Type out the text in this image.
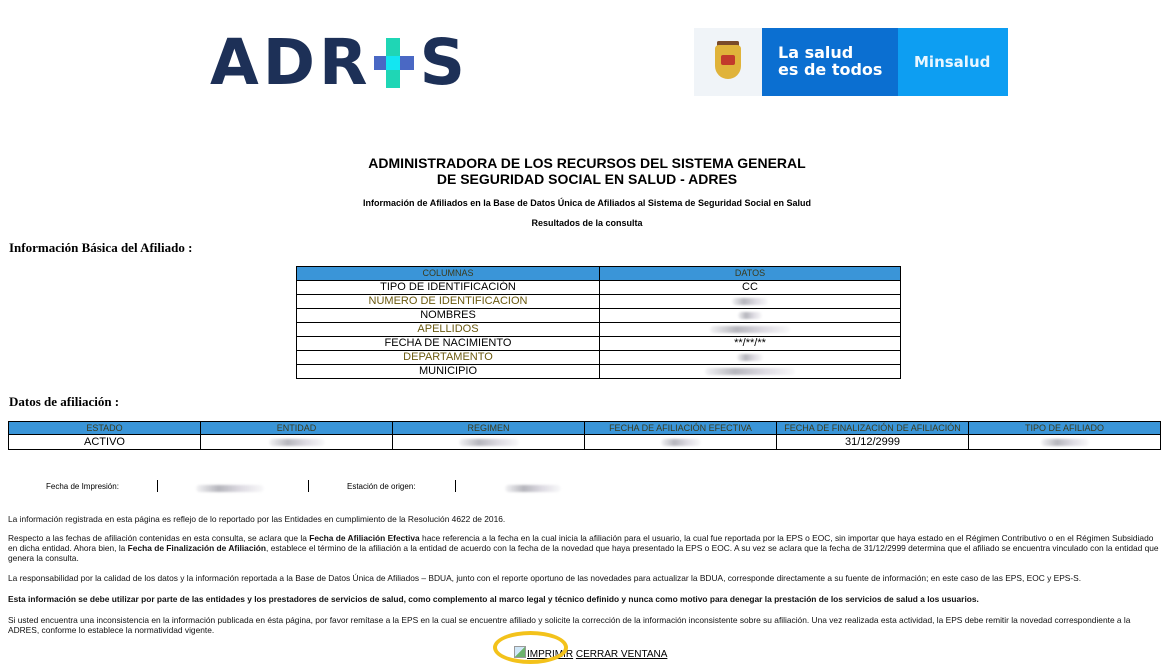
ADR S	La salud
es de todos	Minsalud
ADMINISTRADORA DE LOS RECURSOS DEL SISTEMA GENERAL
DE SEGURIDAD SOCIAL EN SALUD - ADRES
Información de Afiliados en la Base de Datos Única de Afiliados al Sistema de Seguridad Social en Salud
Resultados de la consulta
Información Básica del Afiliado :
COLUMNAS	DATOS
TIPO DE IDENTIFICACIÓN	CC
NÚMERO DE IDENTIFICACION	
NOMBRES	
APELLIDOS	
FECHA DE NACIMIENTO	**/**/**
DEPARTAMENTO	
MUNICIPIO	
Datos de afiliación :
ESTADO	ENTIDAD	REGIMEN	FECHA DE AFILIACIÓN EFECTIVA	FECHA DE FINALIZACIÓN DE AFILIACIÓN	TIPO DE AFILIADO
ACTIVO				31/12/2999	
Fecha de Impresión:	Estación de origen:

La información registrada en esta página es reflejo de lo reportado por las Entidades en cumplimiento de la Resolución 4622 de 2016.

Respecto a las fechas de afiliación contenidas en esta consulta, se aclara que la Fecha de Afiliación Efectiva hace referencia a la fecha en la cual inicia la afiliación para el usuario, la cual fue reportada por la EPS o EOC, sin importar que haya estado en el Régimen Contributivo o en el Régimen Subsidiado en dicha entidad. Ahora bien, la Fecha de Finalización de Afiliación, establece el término de la afiliación a la entidad de acuerdo con la fecha de la novedad que haya presentado la EPS o EOC. A su vez se aclara que la fecha de 31/12/2999 determina que el afiliado se encuentra vinculado con la entidad que genera la consulta.

La responsabilidad por la calidad de los datos y la información reportada a la Base de Datos Única de Afiliados – BDUA, junto con el reporte oportuno de las novedades para actualizar la BDUA, corresponde directamente a su fuente de información; en este caso de las EPS, EOC y EPS-S.

Esta información se debe utilizar por parte de las entidades y los prestadores de servicios de salud, como complemento al marco legal y técnico definido y nunca como motivo para denegar la prestación de los servicios de salud a los usuarios.

Si usted encuentra una inconsistencia en la información publicada en ésta página, por favor remítase a la EPS en la cual se encuentre afiliado y solicite la corrección de la información inconsistente sobre su afiliación. Una vez realizada esta actividad, la EPS debe remitir la novedad correspondiente a la ADRES, conforme lo establece la normatividad vigente.

IMPRIMIR CERRAR VENTANA
